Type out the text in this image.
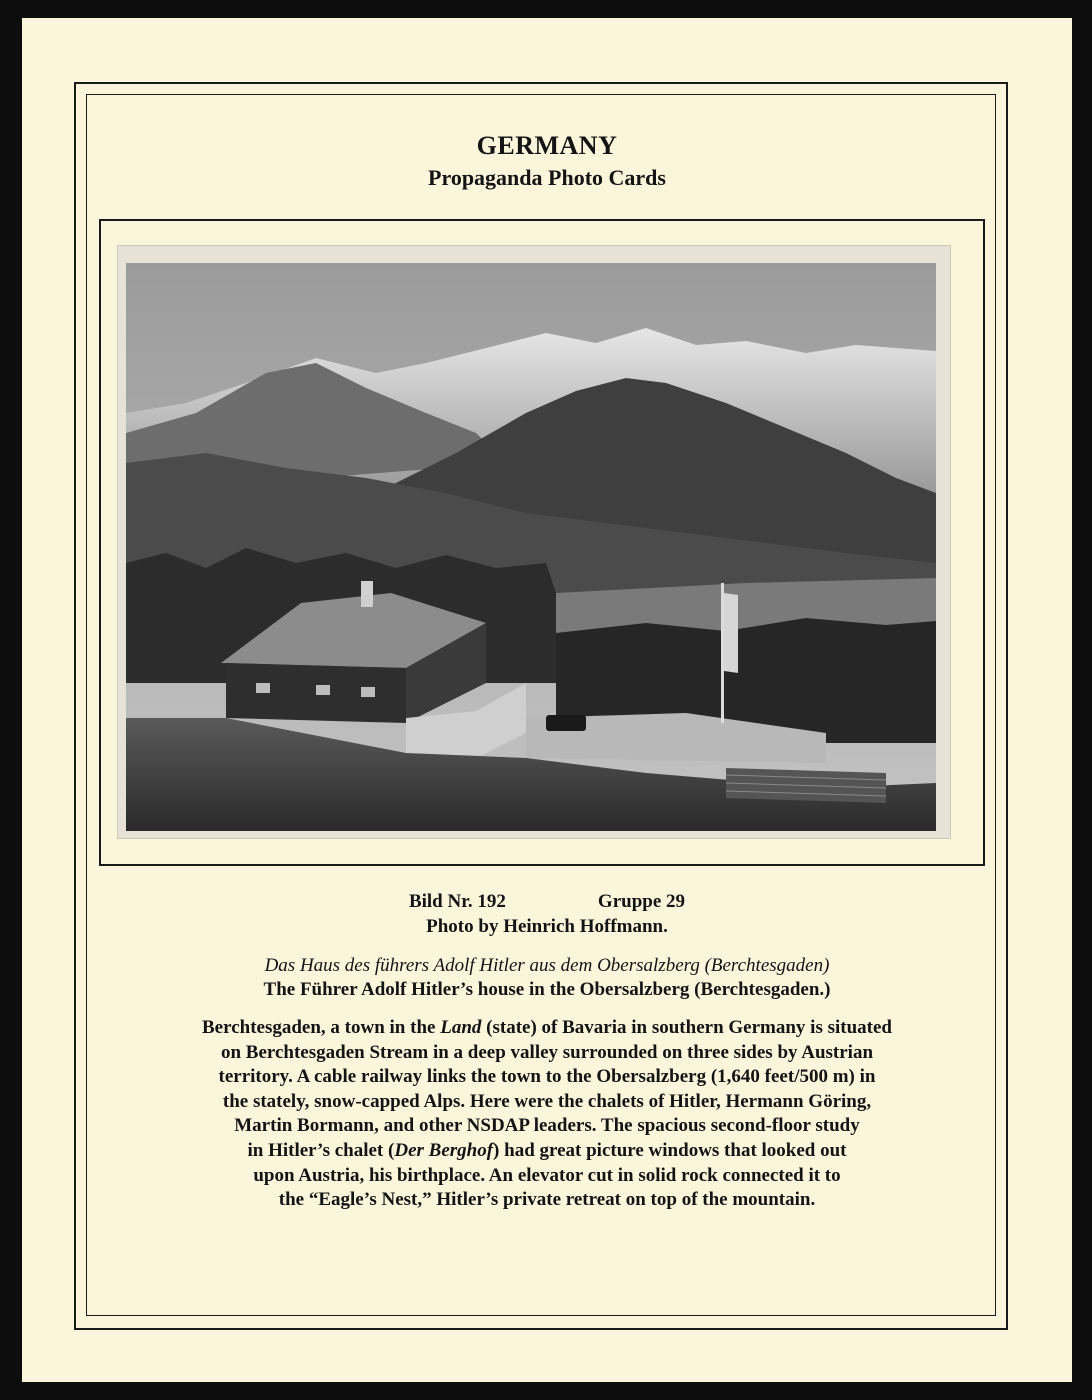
GERMANY
Propaganda Photo Cards
Bild Nr. 192	Gruppe 29
Photo by Heinrich Hoffmann.
Das Haus des führers Adolf Hitler aus dem Obersalzberg (Berchtesgaden)
The Führer Adolf Hitler’s house in the Obersalzberg (Berchtesgaden.)
Berchtesgaden, a town in the Land (state) of Bavaria in southern Germany is situated
on Berchtesgaden Stream in a deep valley surrounded on three sides by Austrian
territory. A cable railway links the town to the Obersalzberg (1,640 feet/500 m) in
the stately, snow-capped Alps. Here were the chalets of Hitler, Hermann Göring,
Martin Bormann, and other NSDAP leaders. The spacious second-floor study
in Hitler’s chalet (Der Berghof) had great picture windows that looked out
upon Austria, his birthplace. An elevator cut in solid rock connected it to
the “Eagle’s Nest,” Hitler’s private retreat on top of the mountain.
